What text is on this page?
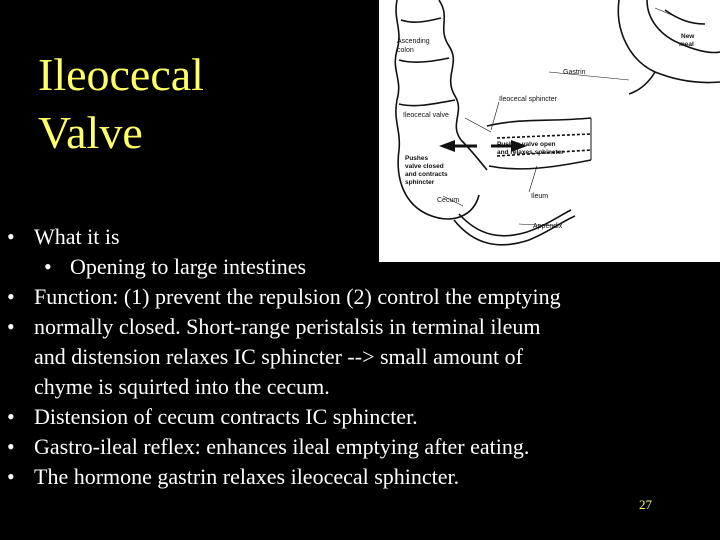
Ileocecal
Valve
Ascending
colon
New
meal
Gastrin
Ileocecal valve
Ileocecal sphincter
Pushes valve open
and relaxes sphincter
Pushes
valve closed
and contracts
sphincter
Ileum
Cecum
Appendix
• What it is
• Opening to large intestines
• Function: (1) prevent the repulsion (2) control the emptying
• normally closed. Short-range peristalsis in terminal ileum
and distension relaxes IC sphincter --> small amount of
chyme is squirted into the cecum.
• Distension of cecum contracts IC sphincter.
• Gastro-ileal reflex: enhances ileal emptying after eating.
• The hormone gastrin relaxes ileocecal sphincter.
27
